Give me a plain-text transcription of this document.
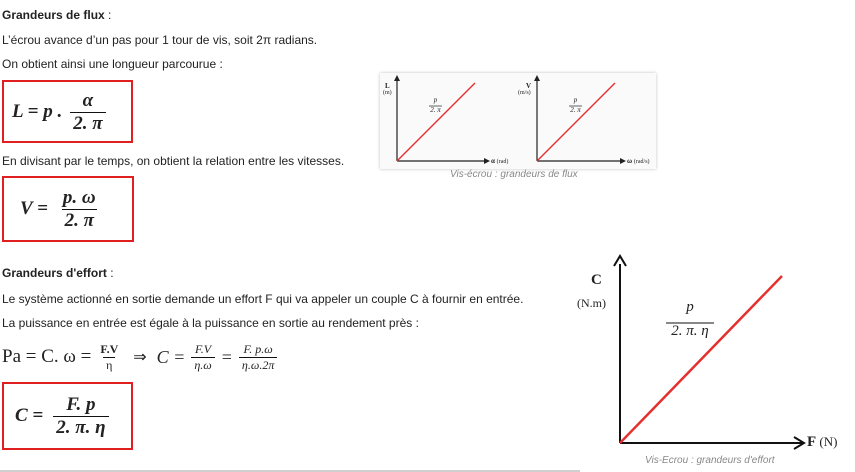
Grandeurs de flux :
L’écrou avance d’un pas pour 1 tour de vis, soit 2π radians.
On obtient ainsi une longueur parcourue :
L = p . $\frac{\alpha}{2. \pi}$
En divisant par le temps, on obtient la relation entre les vitesses.
$V = \frac{p. \omega}{2. \pi}$
L
(m)
p
2. π
α (rad)
V
(m/s)
p
2. π
ω (rad/s)
Vis-écrou : grandeurs de flux
Grandeurs d'effort :
Le système actionné en sortie demande un effort F qui va appeler un couple C à fournir en entrée.
La puissance en entrée est égale à la puissance en sortie au rendement près :
Pa = C. $\omega = \frac{F.V}{\eta}$ ⇒ $C = \frac{F.V}{\eta.\omega} = \frac{F. p.\omega}{\eta.\omega.2\pi}$
$C = \frac{F. p}{2. \pi. \eta}$
C
(N.m)	p
2. π. η
F (N)
Vis-Ecrou : grandeurs d'effort
